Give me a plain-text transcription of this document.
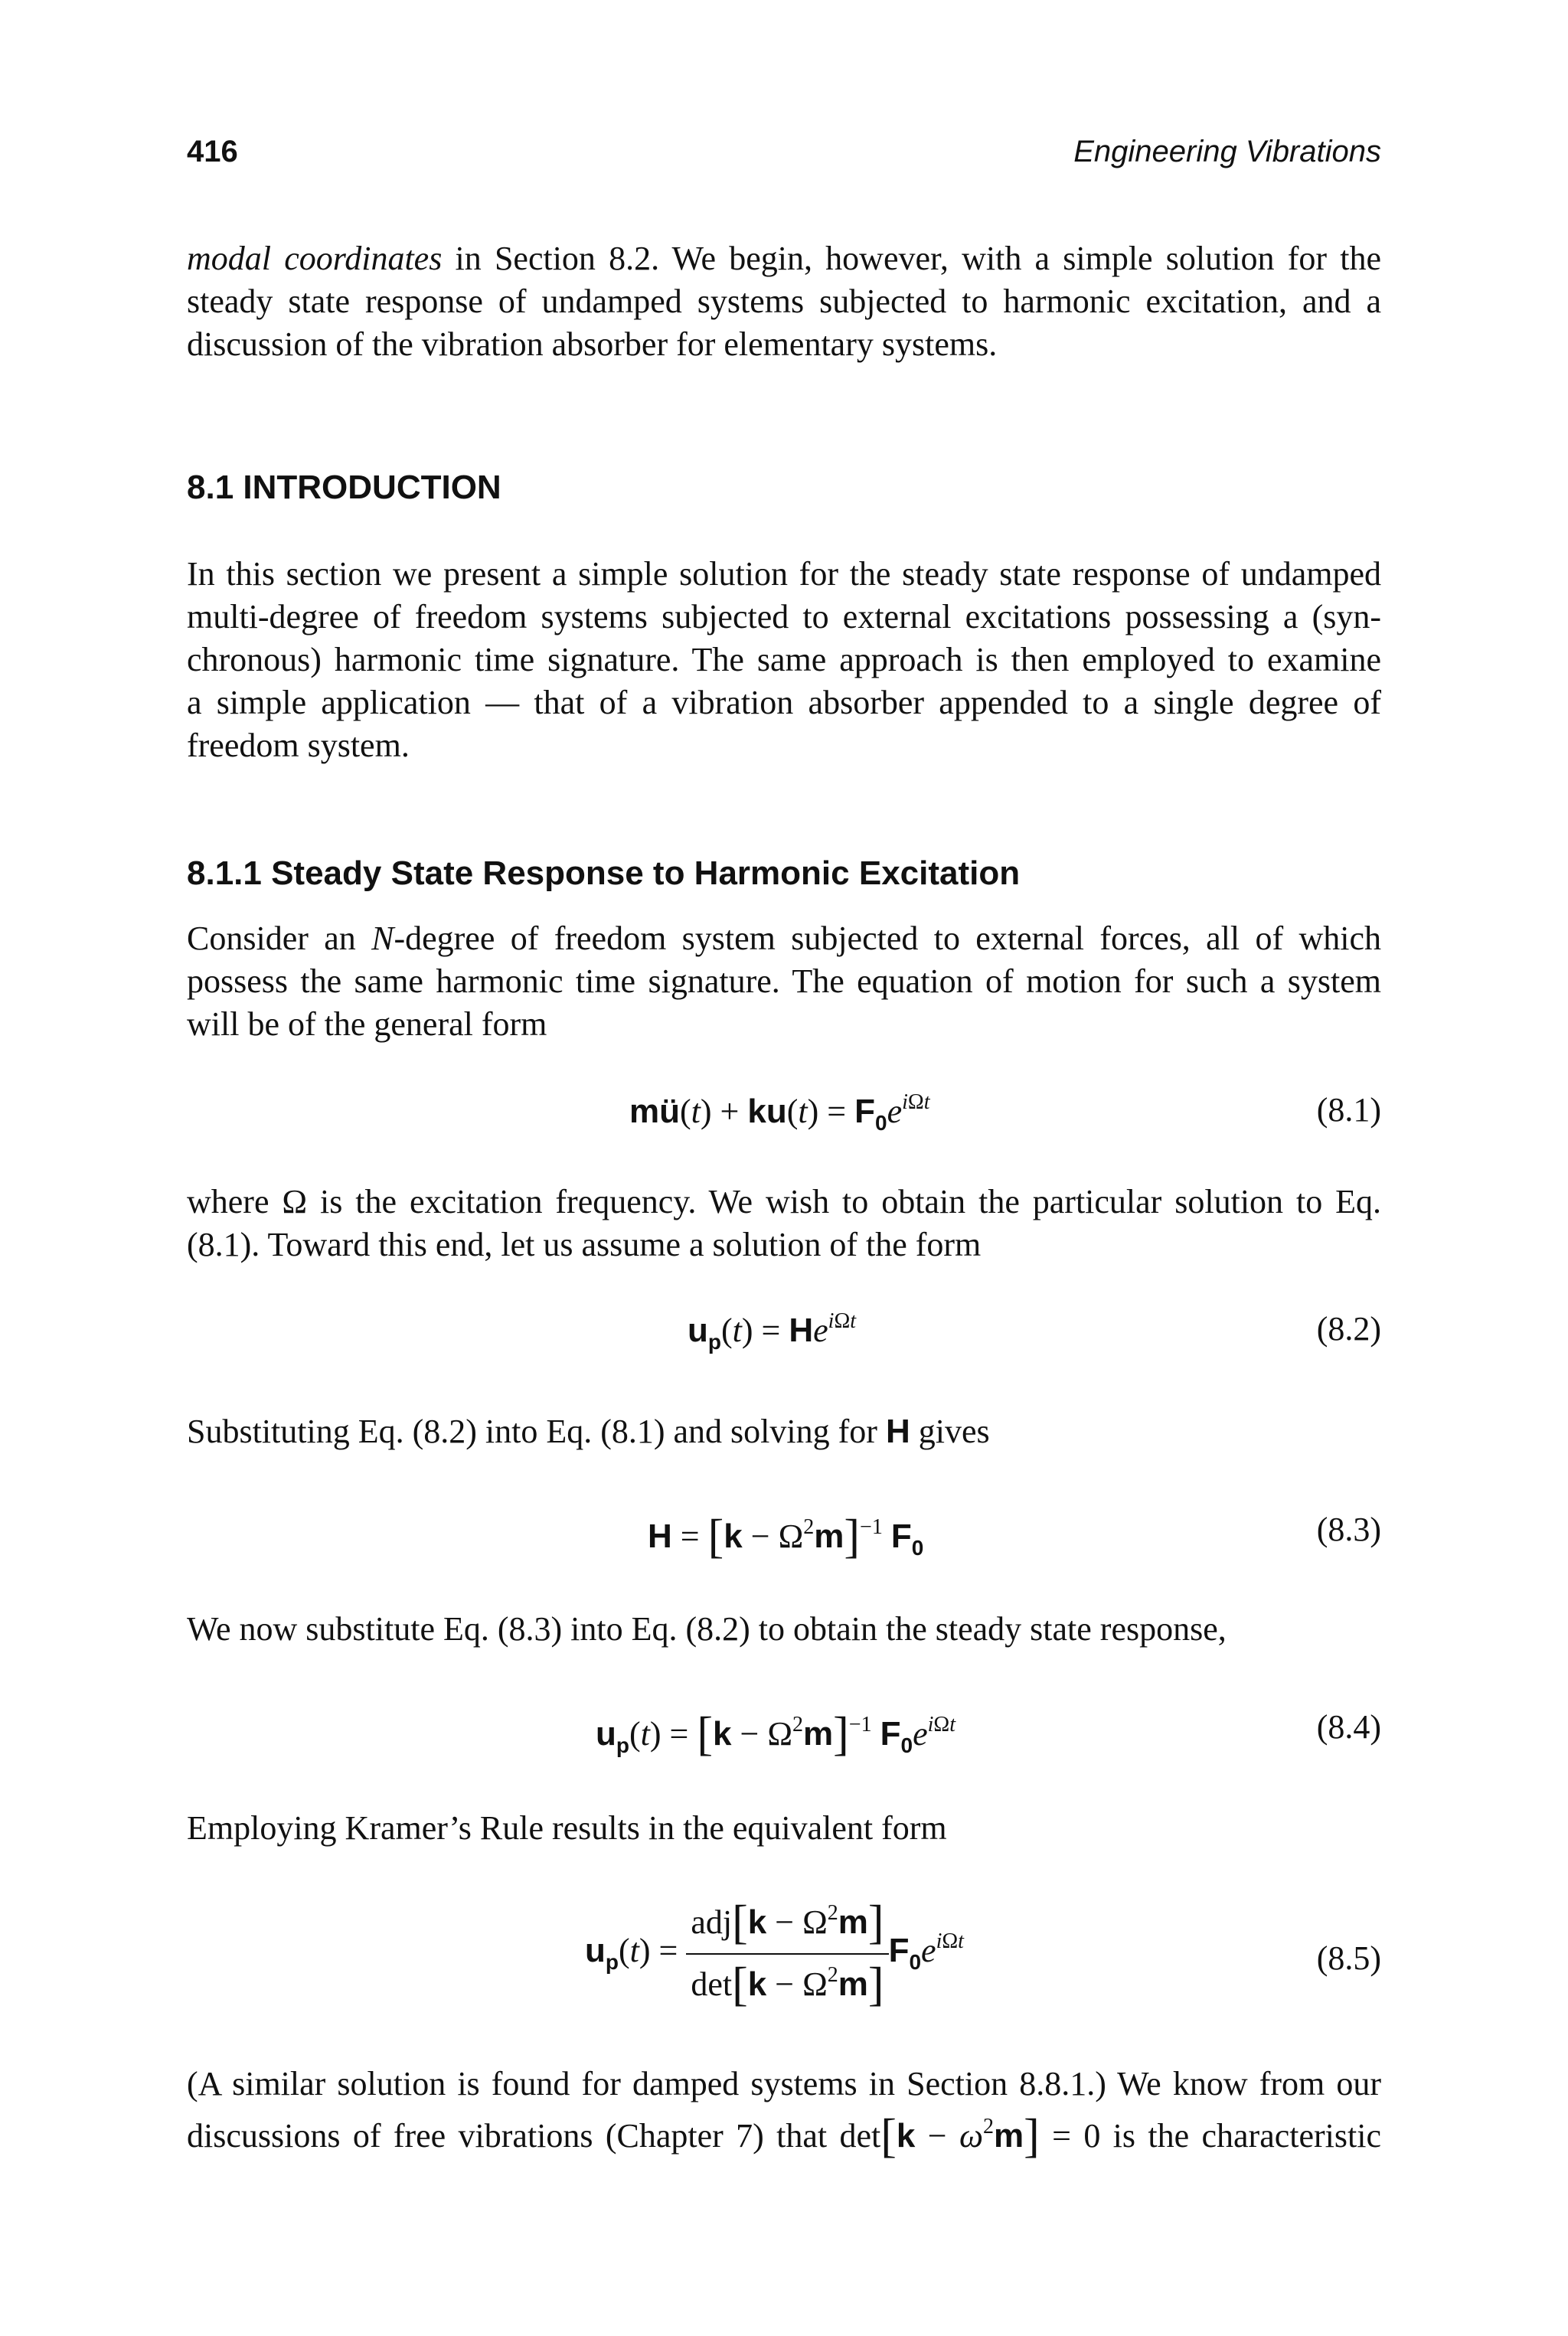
416	Engineering Vibrations
modal coordinates in Section 8.2. We begin, however, with a simple solution for the
steady state response of undamped systems subjected to harmonic excitation, and a
discussion of the vibration absorber for elementary systems.
8.1 INTRODUCTION
In this section we present a simple solution for the steady state response of undamped
multi-degree of freedom systems subjected to external excitations possessing a (syn-
chronous) harmonic time signature. The same approach is then employed to examine
a simple application — that of a vibration absorber appended to a single degree of
freedom system.
8.1.1 Steady State Response to Harmonic Excitation
Consider an N-degree of freedom system subjected to external forces, all of which
possess the same harmonic time signature. The equation of motion for such a system
will be of the general form
mü(t) + $ku(t) = F_0e^{i\Omega t}$	(8.1)
where Ω is the excitation frequency. We wish to obtain the particular solution to Eq.
(8.1). Toward this end, let us assume a solution of the form
$u_p(t) = He^{i\Omega t}$	(8.2)
Substituting Eq. (8.2) into Eq. (8.1) and solving for H gives
$H = [k - \Omega^2m]^{-1}$ $F_0$	(8.3)
We now substitute Eq. (8.3) into Eq. (8.2) to obtain the steady state response,
$u_p(t) = [k - \Omega^2m]^{-1}$ $F_0e^{i\Omega t}$	(8.4)
Employing Kramer’s Rule results in the equivalent form
$u_p(t) = \frac{adj[k - \Omega^2m]}{\det[k - \Omega^2m]} F_0e^{i\Omega t}$	(8.5)
(A similar solution is found for damped systems in Section 8.8.1.) We know from our
discussions of free vibrations (Chapter 7) that $\det[k - \omega^2m] = 0$ is the characteristic
